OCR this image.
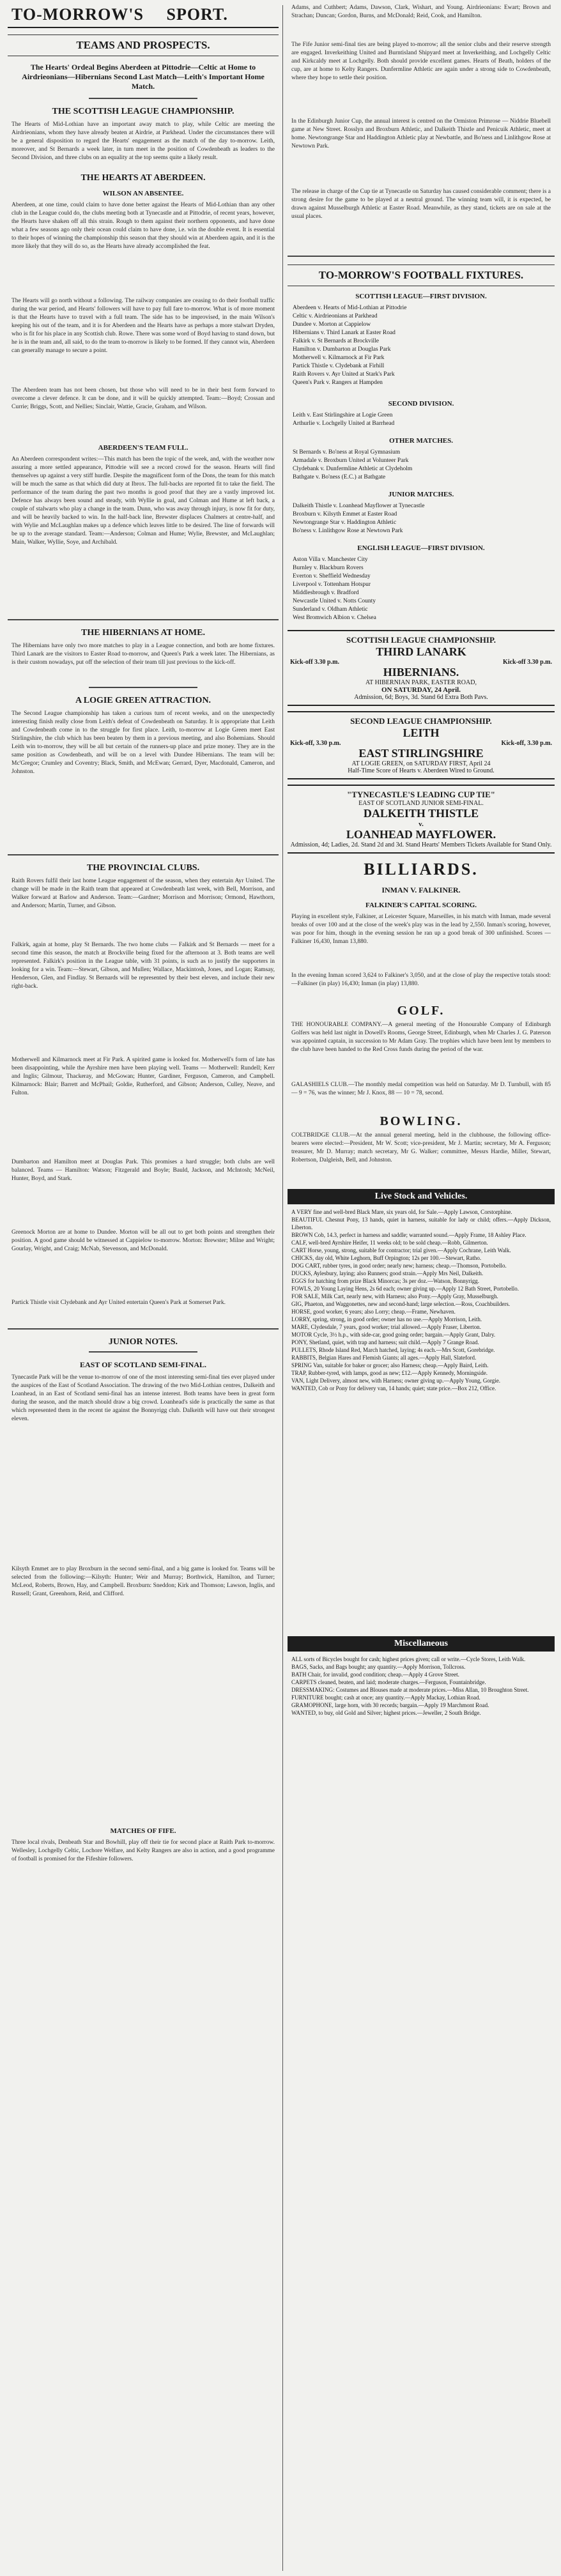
TO-MORROW'S SPORT.
TEAMS AND PROSPECTS.
The Hearts' Ordeal Begins Aberdeen at Pittodrie—Celtic at Home to Airdrieonians—Hibernians Second Last Match—Leith's Important Home Match.
THE SCOTTISH LEAGUE CHAMPIONSHIP.
The Hearts of Mid-Lothian have an important away match to play, while Celtic are meeting the Airdrieonians, whom they have already beaten at Airdrie, at Parkhead. Under the circumstances there will be a general disposition to regard the Hearts' engagement as the match of the day to-morrow. Leith, moreover, and St Bernards a week later, in turn meet in the position of Cowdenbeath as leaders to the Second Division, and three clubs on an equality at the top seems quite a likely result.
THE HEARTS AT ABERDEEN.
WILSON AN ABSENTEE.
Aberdeen, at one time, could claim to have done better against the Hearts of Mid-Lothian than any other club in the League could do, the clubs meeting both at Tynecastle and at Pittodrie, of recent years, however, the Hearts have shaken off all this strain. Rough to them against their northern opponents, and have done what a few seasons ago only their ocean could claim to have done, i.e. win the double event. It is essential to their hopes of winning the championship this season that they should win at Aberdeen again, and it is the more likely that they will do so, as the Hearts have already accomplished the feat.
The Hearts will go north without a following. The railway companies are ceasing to do their football traffic during the war period, and Hearts' followers will have to pay full fare to-morrow. What is of more moment is that the Hearts have to travel with a full team. The side has to be improvised, in the main Wilson's keeping his out of the team, and it is for Aberdeen and the Hearts have as perhaps a more stalwart Dryden, who is fit for his place in any Scottish club. Rowe. There was some word of Boyd having to stand down, but he is in the team and, all said, to do the team to-morrow is likely to be formed. If they cannot win, Aberdeen can generally manage to secure a point.
The Aberdeen team has not been chosen, but those who will need to be in their best form forward to overcome a clever defence. It can be done, and it will be quickly attempted. Team:—Boyd; Crossan and Currie; Briggs, Scott, and Nellies; Sinclair, Wattie, Gracie, Graham, and Wilson.
ABERDEEN'S TEAM FULL.
An Aberdeen correspondent writes:—This match has been the topic of the week, and, with the weather now assuring a more settled appearance, Pittodrie will see a record crowd for the season. Hearts will find themselves up against a very stiff hurdle. Despite the magnificent form of the Dons, the team for this match will be much the same as that which did duty at Ibrox. The full-backs are reported fit to take the field. The performance of the team during the past two months is good proof that they are a vastly improved lot. Defence has always been sound and steady, with Wyllie in goal, and Colman and Hume at left back, a couple of stalwarts who play a change in the team. Dunn, who was away through injury, is now fit for duty, and will be heavily backed to win. In the half-back line, Brewster displaces Chalmers at centre-half, and with Wylie and McLaughlan makes up a defence which leaves little to be desired. The line of forwards will be up to the average standard. Team:—Anderson; Colman and Hume; Wylie, Brewster, and McLaughlan; Main, Walker, Wyllie, Soye, and Archibald.
THE HIBERNIANS AT HOME.
The Hibernians have only two more matches to play in a League connection, and both are home fixtures. Third Lanark are the visitors to Easter Road to-morrow, and Queen's Park a week later. The Hibernians, as is their custom nowadays, put off the selection of their team till just previous to the kick-off.
A LOGIE GREEN ATTRACTION.
The Second League championship has taken a curious turn of recent weeks, and on the unexpectedly interesting finish really close from Leith's defeat of Cowdenbeath on Saturday. It is appropriate that Leith and Cowdenbeath come in to the struggle for first place. Leith, to-morrow at Logie Green meet East Stirlingshire, the club which has been beaten by them in a previous meeting, and also Bohemians. Should Leith win to-morrow, they will be all but certain of the runners-up place and prize money. They are in the same position as Cowdenbeath, and will be on a level with Dundee Hibernians. The team will be: Mc'Gregor; Crumley and Coventry; Black, Smith, and McEwan; Gerrard, Dyer, Macdonald, Cameron, and Johnston.
THE PROVINCIAL CLUBS.
Raith Rovers fulfil their last home League engagement of the season, when they entertain Ayr United. The change will be made in the Raith team that appeared at Cowdenbeath last week, with Bell, Morrison, and Walker forward at Barlow and Anderson. Team:—Gardner; Morrison and Morrison; Ormond, Hawthorn, and Anderson; Martin, Turner, and Gibson.
Falkirk, again at home, play St Bernards. The two home clubs — Falkirk and St Bernards — meet for a second time this season, the match at Brockville being fixed for the afternoon at 3. Both teams are well represented. Falkirk's position in the League table, with 31 points, is such as to justify the supporters in looking for a win. Team:—Stewart, Gibson, and Mullen; Wallace, Mackintosh, Jones, and Logan; Ramsay, Henderson, Glen, and Findlay. St Bernards will be represented by their best eleven, and include their new right-back.
Motherwell and Kilmarnock meet at Fir Park. A spirited game is looked for. Motherwell's form of late has been disappointing, while the Ayrshire men have been playing well. Teams — Motherwell: Rundell; Kerr and Inglis; Gilmour, Thackeray, and McGowan; Hunter, Gardiner, Ferguson, Cameron, and Campbell. Kilmarnock: Blair; Barrett and McPhail; Goldie, Rutherford, and Gibson; Anderson, Culley, Neave, and Fulton.
Dumbarton and Hamilton meet at Douglas Park. This promises a hard struggle; both clubs are well balanced. Teams — Hamilton: Watson; Fitzgerald and Boyle; Bauld, Jackson, and McIntosh; McNeil, Hunter, Boyd, and Stark.
Greenock Morton are at home to Dundee. Morton will be all out to get both points and strengthen their position. A good game should be witnessed at Cappielow to-morrow. Morton: Brewster; Milne and Wright; Gourlay, Wright, and Craig; McNab, Stevenson, and McDonald.
Partick Thistle visit Clydebank and Ayr United entertain Queen's Park at Somerset Park.
JUNIOR NOTES.
EAST OF SCOTLAND SEMI-FINAL.
Tynecastle Park will be the venue to-morrow of one of the most interesting semi-final ties ever played under the auspices of the East of Scotland Association. The drawing of the two Mid-Lothian centres, Dalkeith and Loanhead, in an East of Scotland semi-final has an intense interest. Both teams have been in great form during the season, and the match should draw a big crowd. Loanhead's side is practically the same as that which represented them in the recent tie against the Bonnyrigg club. Dalkeith will have out their strongest eleven.
Kilsyth Emmet are to play Broxburn in the second semi-final, and a big game is looked for. Teams will be selected from the following:—Kilsyth: Hunter; Weir and Murray; Borthwick, Hamilton, and Turner; McLeod, Roberts, Brown, Hay, and Campbell. Broxburn: Sneddon; Kirk and Thomson; Lawson, Inglis, and Russell; Grant, Greenhorn, Reid, and Clifford.
MATCHES OF FIFE.
Three local rivals, Denbeath Star and Bowhill, play off their tie for second place at Raith Park to-morrow. Wellesley, Lochgelly Celtic, Lochore Welfare, and Kelty Rangers are also in action, and a good programme of football is promised for the Fifeshire followers.
Adams, and Cuthbert; Adams, Dawson, Clark, Wishart, and Young. Airdrieonians: Ewart; Brown and Strachan; Duncan; Gordon, Burns, and McDonald; Reid, Cook, and Hamilton.
The Fife Junior semi-final ties are being played to-morrow; all the senior clubs and their reserve strength are engaged. Inverkeithing United and Burntisland Shipyard meet at Inverkeithing, and Lochgelly Celtic and Kirkcaldy meet at Lochgelly. Both should provide excellent games. Hearts of Beath, holders of the cup, are at home to Kelty Rangers. Dunfermline Athletic are again under a strong side to Cowdenbeath, where they hope to settle their position.
In the Edinburgh Junior Cup, the annual interest is centred on the Ormiston Primrose — Niddrie Bluebell game at New Street. Rosslyn and Broxburn Athletic, and Dalkeith Thistle and Penicuik Athletic, meet at home. Newtongrange Star and Haddington Athletic play at Newbattle, and Bo'ness and Linlithgow Rose at Newtown Park.
The release in charge of the Cup tie at Tynecastle on Saturday has caused considerable comment; there is a strong desire for the game to be played at a neutral ground. The winning team will, it is expected, be drawn against Musselburgh Athletic at Easter Road. Meanwhile, as they stand, tickets are on sale at the usual places.
TO-MORROW'S FOOTBALL FIXTURES.
SCOTTISH LEAGUE—FIRST DIVISION.
Aberdeen v. Hearts of Mid-Lothian at Pittodrie
Celtic v. Airdrieonians at Parkhead
Dundee v. Morton at Cappielow
Hibernians v. Third Lanark at Easter Road
Falkirk v. St Bernards at Brockville
Hamilton v. Dumbarton at Douglas Park
Motherwell v. Kilmarnock at Fir Park
Partick Thistle v. Clydebank at Firhill
Raith Rovers v. Ayr United at Stark's Park
Queen's Park v. Rangers at Hampden
SECOND DIVISION.
Leith v. East Stirlingshire at Logie Green
Arthurlie v. Lochgelly United at Barrhead
OTHER MATCHES.
St Bernards v. Bo'ness at Royal Gymnasium
Armadale v. Broxburn United at Volunteer Park
Clydebank v. Dunfermline Athletic at Clydeholm
Bathgate v. Bo'ness (E.C.) at Bathgate
JUNIOR MATCHES.
Dalkeith Thistle v. Loanhead Mayflower at Tynecastle
Broxburn v. Kilsyth Emmet at Easter Road
Newtongrange Star v. Haddington Athletic
Bo'ness v. Linlithgow Rose at Newtown Park
ENGLISH LEAGUE—FIRST DIVISION.
Aston Villa v. Manchester City
Burnley v. Blackburn Rovers
Everton v. Sheffield Wednesday
Liverpool v. Tottenham Hotspur
Middlesbrough v. Bradford
Newcastle United v. Notts County
Sunderland v. Oldham Athletic
West Bromwich Albion v. Chelsea
SCOTTISH LEAGUE CHAMPIONSHIP.
THIRD LANARK
Kick-off 3.30 p.m.	Kick-off 3.30 p.m.
HIBERNIANS.
AT HIBERNIAN PARK, EASTER ROAD,
ON SATURDAY, 24 April.
Admission, 6d; Boys, 3d. Stand 6d Extra Both Pavs.
SECOND LEAGUE CHAMPIONSHIP.
LEITH
Kick-off, 3.30 p.m.	Kick-off, 3.30 p.m.
EAST STIRLINGSHIRE
AT LOGIE GREEN, on SATURDAY FIRST, April 24
Half-Time Score of Hearts v. Aberdeen Wired to Ground.
"TYNECASTLE'S LEADING CUP TIE"
EAST OF SCOTLAND JUNIOR SEMI-FINAL.
DALKEITH THISTLE
v.
LOANHEAD MAYFLOWER.
Admission, 4d; Ladies, 2d. Stand 2d and 3d. Stand Hearts' Members Tickets Available for Stand Only.
BILLIARDS.
INMAN V. FALKINER.
FALKINER'S CAPITAL SCORING.
Playing in excellent style, Falkiner, at Leicester Square, Marseilles, in his match with Inman, made several breaks of over 100 and at the close of the week's play was in the lead by 2,550. Inman's scoring, however, was poor for him, though in the evening session he ran up a good break of 300 unfinished. Scores — Falkiner 16,430, Inman 13,880.
In the evening Inman scored 3,624 to Falkiner's 3,050, and at the close of play the respective totals stood:—Falkiner (in play) 16,430; Inman (in play) 13,880.
GOLF.
THE HONOURABLE COMPANY.—A general meeting of the Honourable Company of Edinburgh Golfers was held last night in Dowell's Rooms, George Street, Edinburgh, when Mr Charles J. G. Paterson was appointed captain, in succession to Mr Adam Gray. The trophies which have been lent by members to the club have been handed to the Red Cross funds during the period of the war.
GALASHIELS CLUB.—The monthly medal competition was held on Saturday. Mr D. Turnbull, with 85 — 9 = 76, was the winner; Mr J. Knox, 88 — 10 = 78, second.
BOWLING.
COLTBRIDGE CLUB.—At the annual general meeting, held in the clubhouse, the following office-bearers were elected:—President, Mr W. Scott; vice-president, Mr J. Martin; secretary, Mr A. Ferguson; treasurer, Mr D. Murray; match secretary, Mr G. Walker; committee, Messrs Hardie, Miller, Stewart, Robertson, Dalgleish, Bell, and Johnston.
Live Stock and Vehicles.
A VERY fine and well-bred Black Mare, six years old, for Sale.—Apply Lawson, Corstorphine.
BEAUTIFUL Chesnut Pony, 13 hands, quiet in harness, suitable for lady or child; offers.—Apply Dickson, Liberton.
BROWN Cob, 14.3, perfect in harness and saddle; warranted sound.—Apply Frame, 18 Ashley Place.
CALF, well-bred Ayrshire Heifer, 11 weeks old; to be sold cheap.—Robb, Gilmerton.
CART Horse, young, strong, suitable for contractor; trial given.—Apply Cochrane, Leith Walk.
CHICKS, day old, White Leghorn, Buff Orpington; 12s per 100.—Stewart, Ratho.
DOG CART, rubber tyres, in good order; nearly new; harness; cheap.—Thomson, Portobello.
DUCKS, Aylesbury, laying; also Runners; good strain.—Apply Mrs Neil, Dalkeith.
EGGS for hatching from prize Black Minorcas; 3s per doz.—Watson, Bonnyrigg.
FOWLS, 20 Young Laying Hens, 2s 6d each; owner giving up.—Apply 12 Bath Street, Portobello.
FOR SALE, Milk Cart, nearly new, with Harness; also Pony.—Apply Gray, Musselburgh.
GIG, Phaeton, and Waggonettes, new and second-hand; large selection.—Ross, Coachbuilders.
HORSE, good worker, 6 years; also Lorry; cheap.—Frame, Newhaven.
LORRY, spring, strong, in good order; owner has no use.—Apply Morrison, Leith.
MARE, Clydesdale, 7 years, good worker; trial allowed.—Apply Fraser, Liberton.
MOTOR Cycle, 3½ h.p., with side-car, good going order; bargain.—Apply Grant, Dalry.
PONY, Shetland, quiet, with trap and harness; suit child.—Apply 7 Grange Road.
PULLETS, Rhode Island Red, March hatched, laying; 4s each.—Mrs Scott, Gorebridge.
RABBITS, Belgian Hares and Flemish Giants; all ages.—Apply Hall, Slateford.
SPRING Van, suitable for baker or grocer; also Harness; cheap.—Apply Baird, Leith.
TRAP, Rubber-tyred, with lamps, good as new; £12.—Apply Kennedy, Morningside.
VAN, Light Delivery, almost new, with Harness; owner giving up.—Apply Young, Gorgie.
WANTED, Cob or Pony for delivery van, 14 hands; quiet; state price.—Box 212, Office.
Miscellaneous
ALL sorts of Bicycles bought for cash; highest prices given; call or write.—Cycle Stores, Leith Walk.
BAGS, Sacks, and Bags bought; any quantity.—Apply Morrison, Tollcross.
BATH Chair, for invalid, good condition; cheap.—Apply 4 Grove Street.
CARPETS cleaned, beaten, and laid; moderate charges.—Ferguson, Fountainbridge.
DRESSMAKING: Costumes and Blouses made at moderate prices.—Miss Allan, 10 Broughton Street.
FURNITURE bought; cash at once; any quantity.—Apply Mackay, Lothian Road.
GRAMOPHONE, large horn, with 30 records; bargain.—Apply 19 Marchmont Road.
WANTED, to buy, old Gold and Silver; highest prices.—Jeweller, 2 South Bridge.
